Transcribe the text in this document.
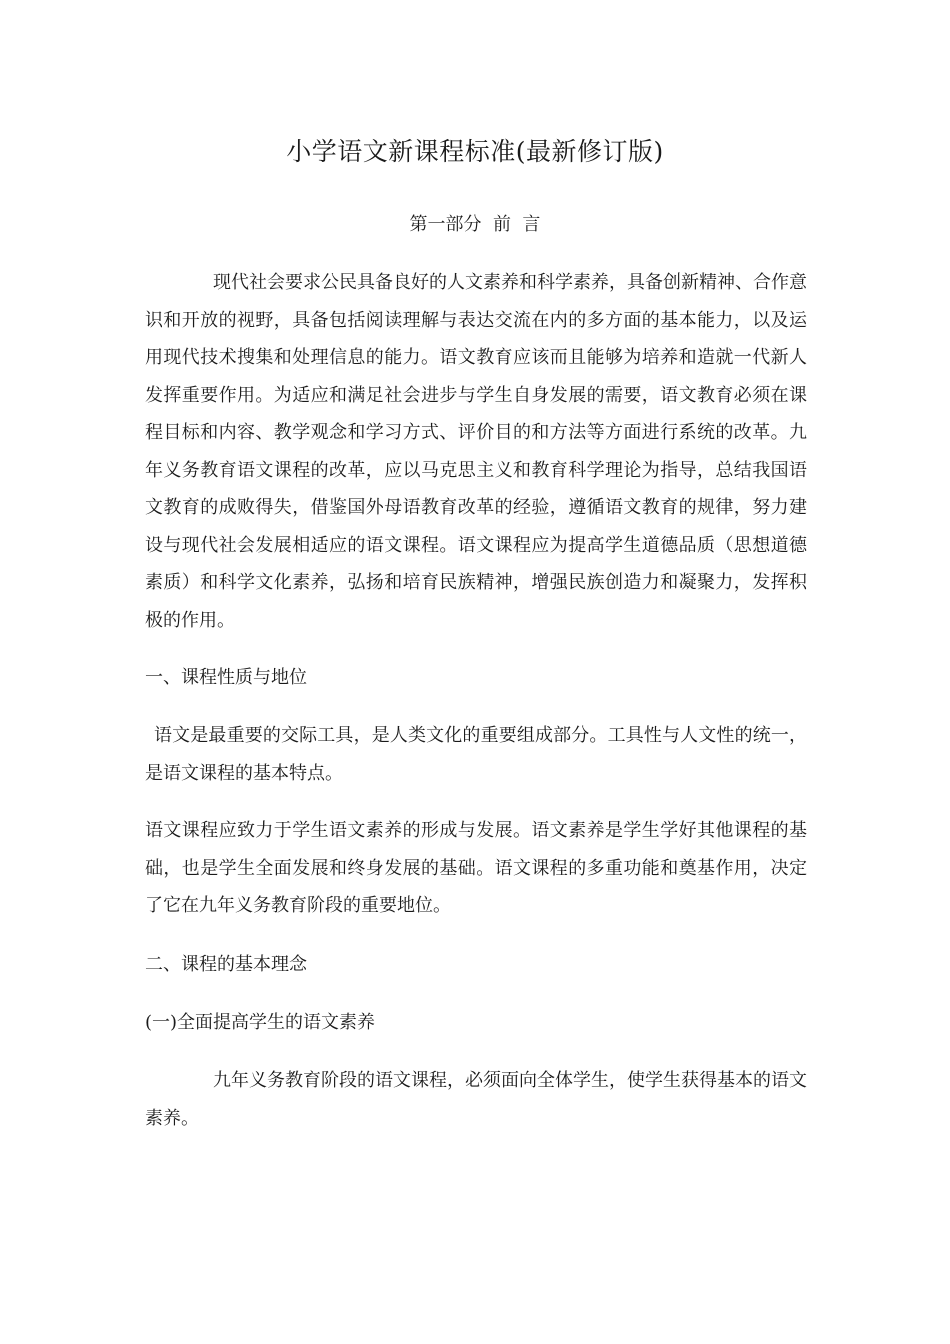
小学语文新课程标准(最新修订版)
第一部分  前  言

现代社会要求公民具备良好的人文素养和科学素养，具备创新精神、合作意识和开放的视野，具备包括阅读理解与表达交流在内的多方面的基本能力，以及运用现代技术搜集和处理信息的能力。语文教育应该而且能够为培养和造就一代新人发挥重要作用。为适应和满足社会进步与学生自身发展的需要，语文教育必须在课程目标和内容、教学观念和学习方式、评价目的和方法等方面进行系统的改革。九年义务教育语文课程的改革，应以马克思主义和教育科学理论为指导，总结我国语文教育的成败得失，借鉴国外母语教育改革的经验，遵循语文教育的规律，努力建设与现代社会发展相适应的语文课程。语文课程应为提高学生道德品质（思想道德素质）和科学文化素养，弘扬和培育民族精神，增强民族创造力和凝聚力，发挥积极的作用。

一、课程性质与地位

语文是最重要的交际工具，是人类文化的重要组成部分。工具性与人文性的统一，是语文课程的基本特点。

语文课程应致力于学生语文素养的形成与发展。语文素养是学生学好其他课程的基础，也是学生全面发展和终身发展的基础。语文课程的多重功能和奠基作用，决定了它在九年义务教育阶段的重要地位。

二、课程的基本理念

(一)全面提高学生的语文素养

九年义务教育阶段的语文课程，必须面向全体学生，使学生获得基本的语文素养。
